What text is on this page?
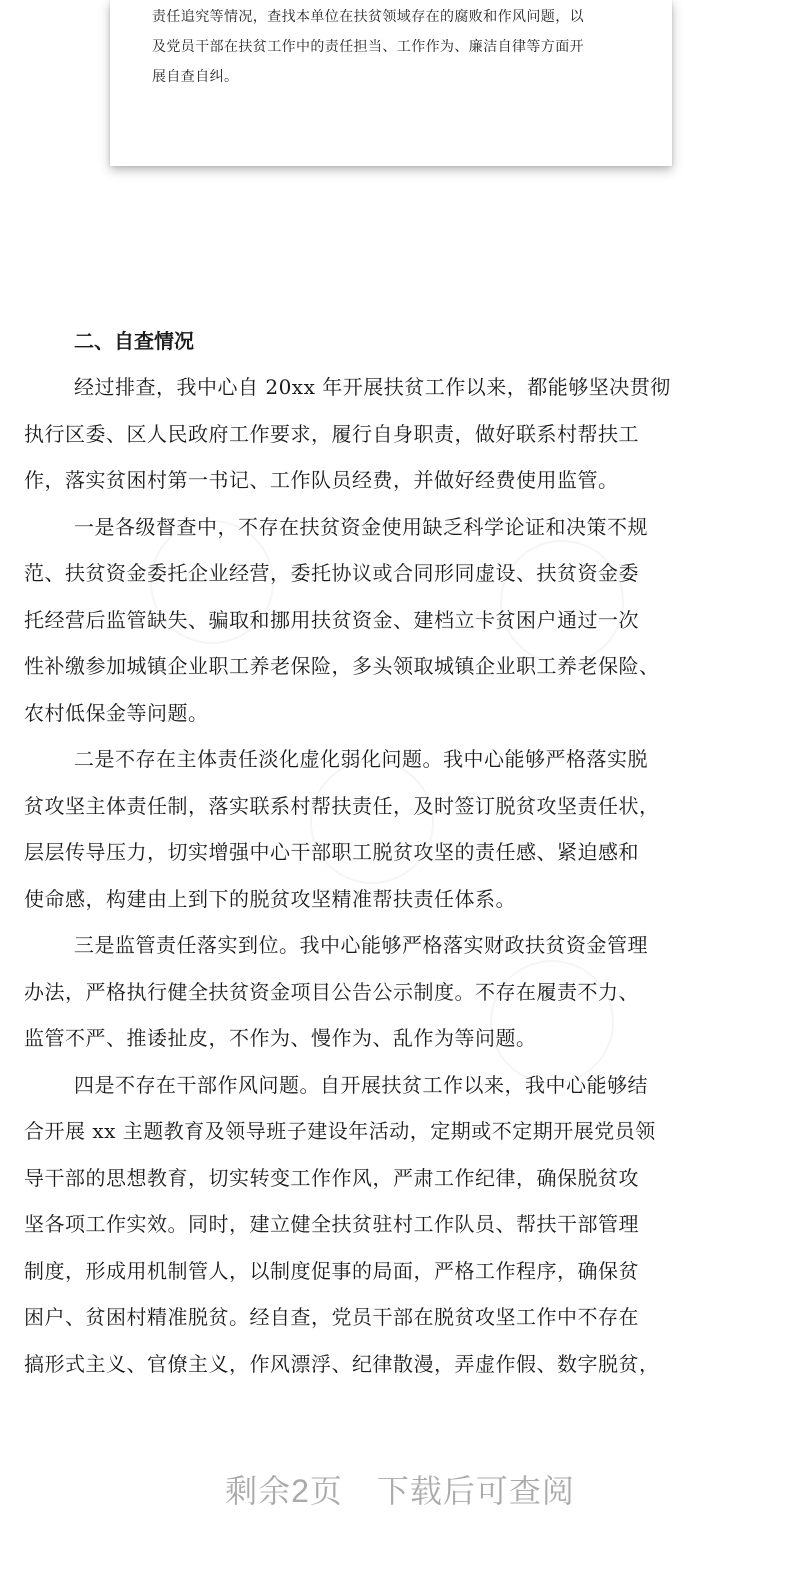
责任追究等情况，查找本单位在扶贫领域存在的腐败和作风问题，以

及党员干部在扶贫工作中的责任担当、工作作为、廉洁自律等方面开

展自查自纠。

二、自查情况

经过排查，我中心自 20xx 年开展扶贫工作以来，都能够坚决贯彻
执行区委、区人民政府工作要求，履行自身职责，做好联系村帮扶工
作，落实贫困村第一书记、工作队员经费，并做好经费使用监管。

一是各级督查中，不存在扶贫资金使用缺乏科学论证和决策不规
范、扶贫资金委托企业经营，委托协议或合同形同虚设、扶贫资金委
托经营后监管缺失、骗取和挪用扶贫资金、建档立卡贫困户通过一次
性补缴参加城镇企业职工养老保险，多头领取城镇企业职工养老保险、
农村低保金等问题。

二是不存在主体责任淡化虚化弱化问题。我中心能够严格落实脱
贫攻坚主体责任制，落实联系村帮扶责任，及时签订脱贫攻坚责任状，
层层传导压力，切实增强中心干部职工脱贫攻坚的责任感、紧迫感和
使命感，构建由上到下的脱贫攻坚精准帮扶责任体系。

三是监管责任落实到位。我中心能够严格落实财政扶贫资金管理
办法，严格执行健全扶贫资金项目公告公示制度。不存在履责不力、
监管不严、推诿扯皮，不作为、慢作为、乱作为等问题。

四是不存在干部作风问题。自开展扶贫工作以来，我中心能够结
合开展 xx 主题教育及领导班子建设年活动，定期或不定期开展党员领
导干部的思想教育，切实转变工作作风，严肃工作纪律，确保脱贫攻
坚各项工作实效。同时，建立健全扶贫驻村工作队员、帮扶干部管理
制度，形成用机制管人，以制度促事的局面，严格工作程序，确保贫
困户、贫困村精准脱贫。经自查，党员干部在脱贫攻坚工作中不存在
搞形式主义、官僚主义，作风漂浮、纪律散漫，弄虚作假、数字脱贫，

剩余2页 下载后可查阅
